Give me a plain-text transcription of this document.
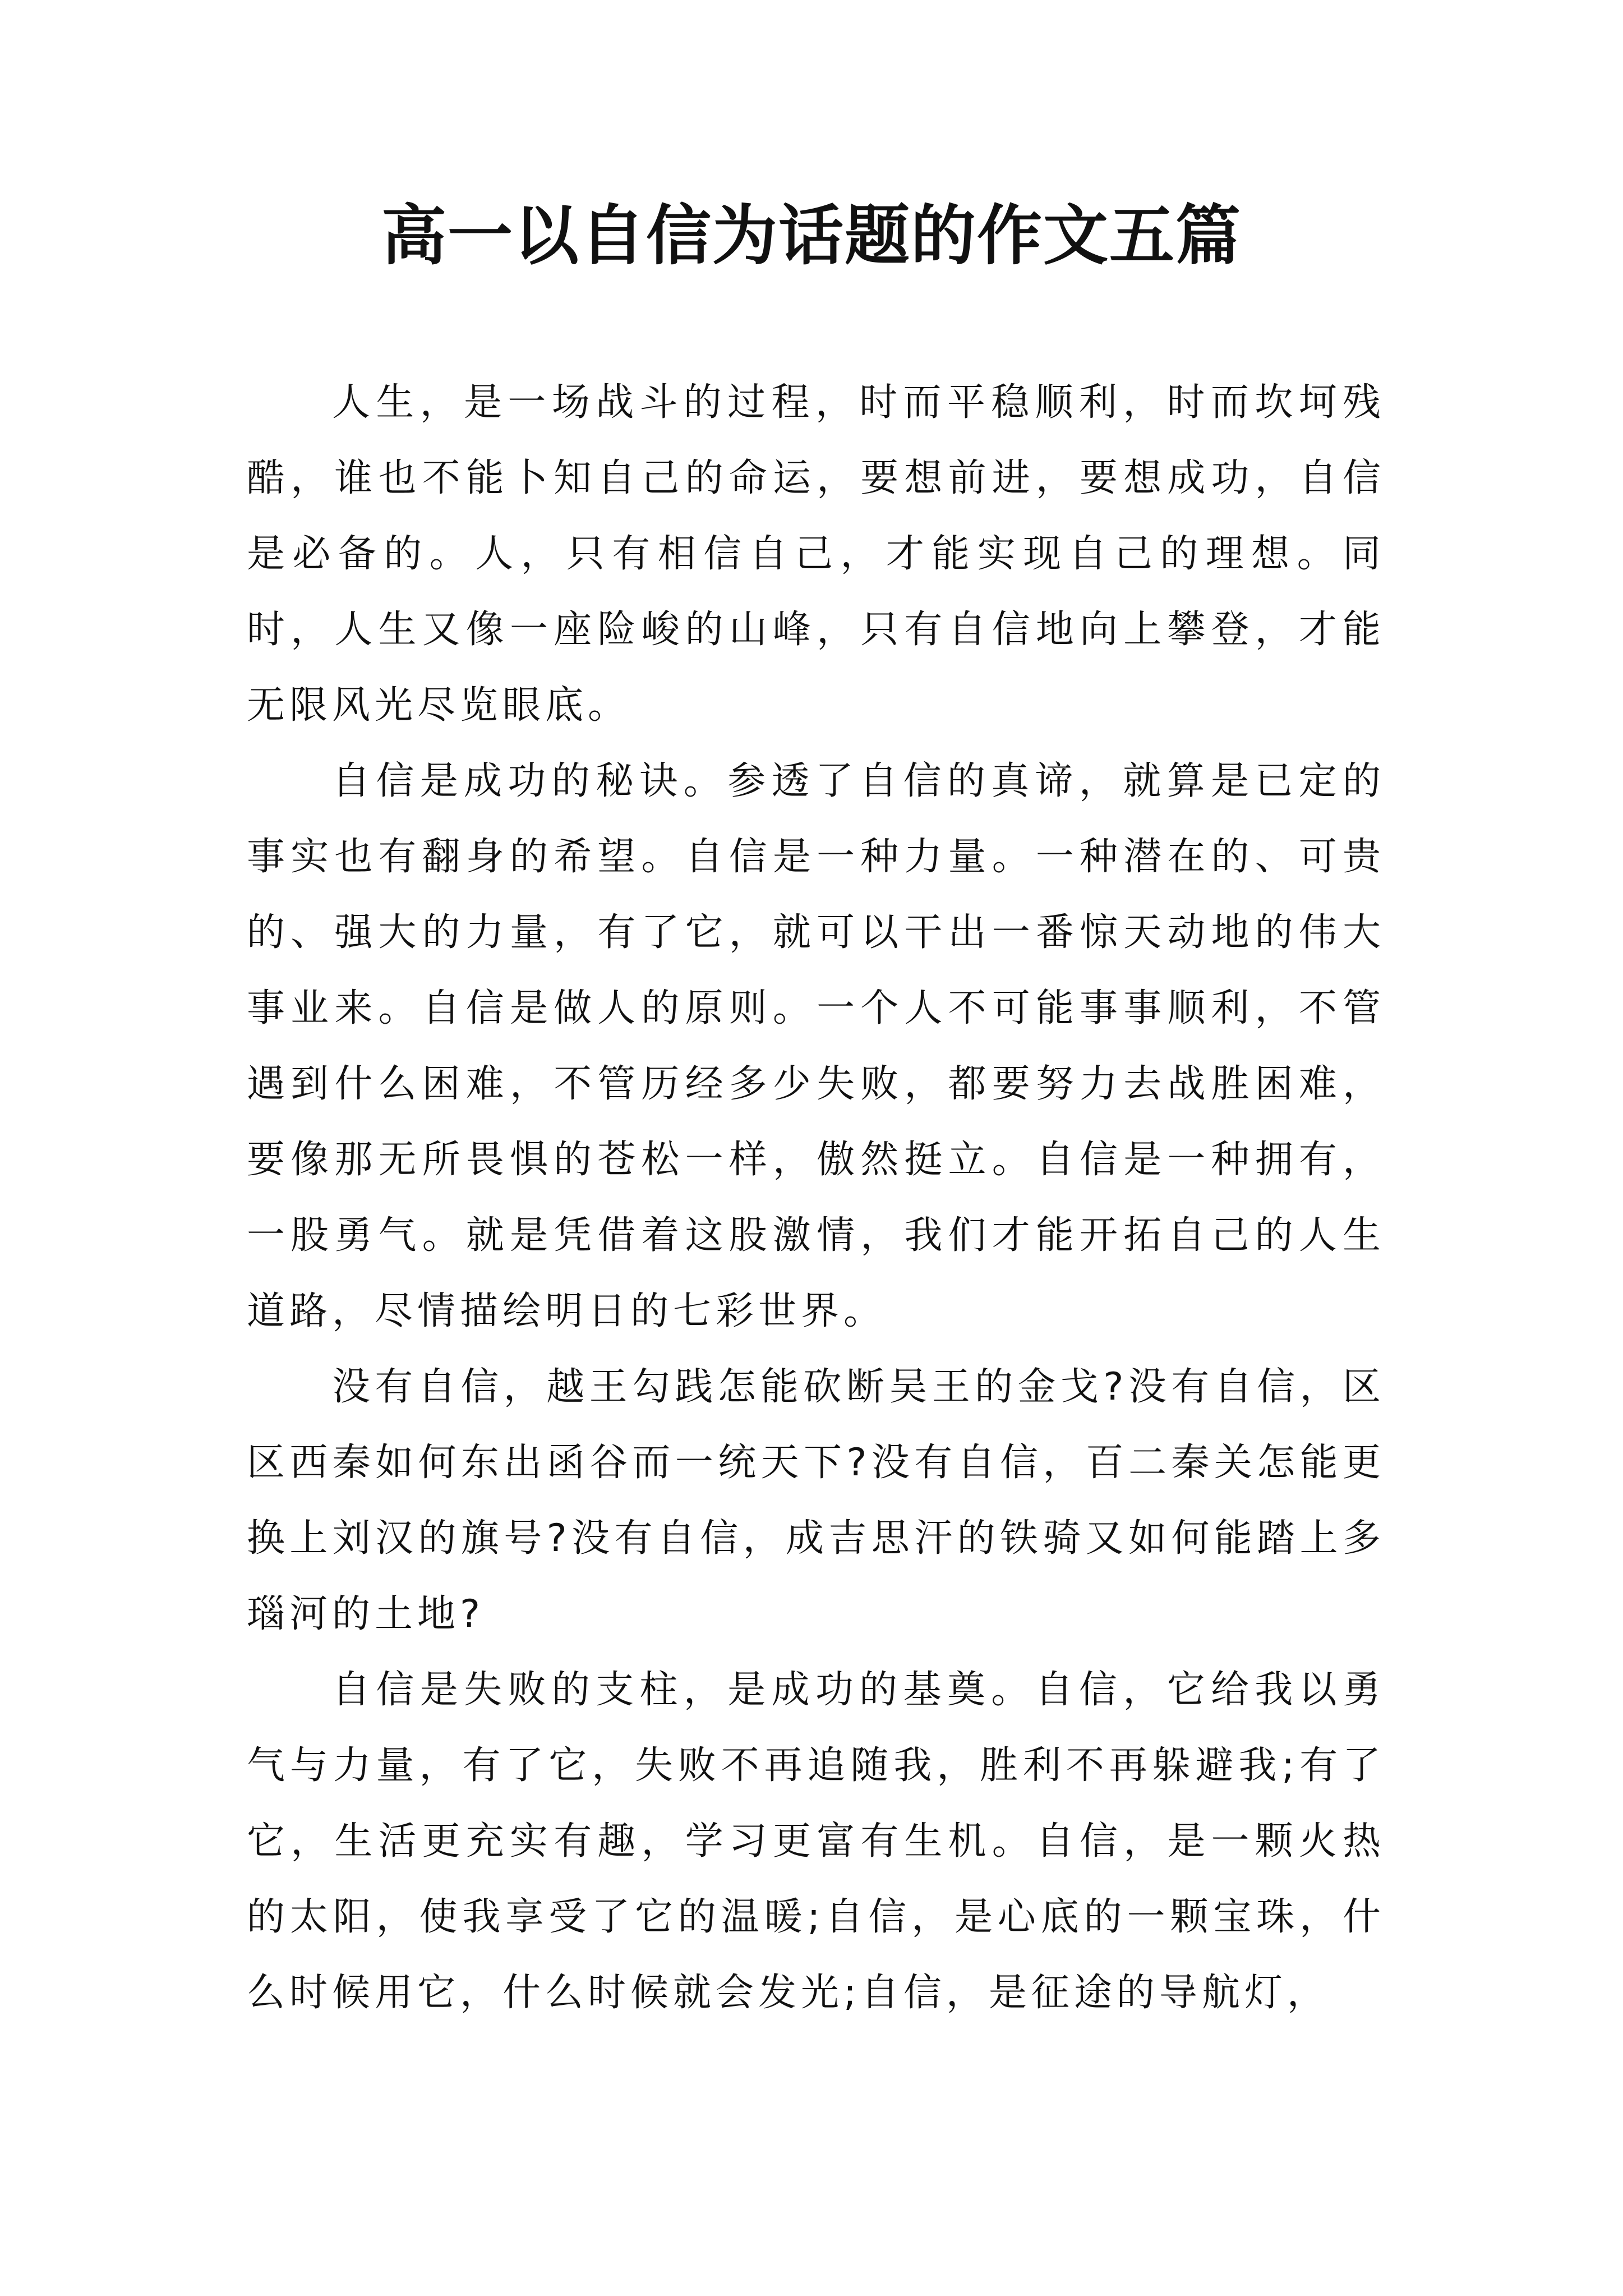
高一以自信为话题的作文五篇

人生，是一场战斗的过程，时而平稳顺利，时而坎坷残酷，谁也不能卜知自己的命运，要想前进，要想成功，自信是必备的。人，只有相信自己，才能实现自己的理想。同时，人生又像一座险峻的山峰，只有自信地向上攀登，才能无限风光尽览眼底。

自信是成功的秘诀。参透了自信的真谛，就算是已定的事实也有翻身的希望。自信是一种力量。一种潜在的、可贵的、强大的力量，有了它，就可以干出一番惊天动地的伟大事业来。自信是做人的原则。一个人不可能事事顺利，不管遇到什么困难，不管历经多少失败，都要努力去战胜困难，要像那无所畏惧的苍松一样，傲然挺立。自信是一种拥有，一股勇气。就是凭借着这股激情，我们才能开拓自己的人生道路，尽情描绘明日的七彩世界。

没有自信，越王勾践怎能砍断吴王的金戈?没有自信，区区西秦如何东出函谷而一统天下?没有自信，百二秦关怎能更换上刘汉的旗号?没有自信，成吉思汗的铁骑又如何能踏上多瑙河的土地?

自信是失败的支柱，是成功的基奠。自信，它给我以勇气与力量，有了它，失败不再追随我，胜利不再躲避我;有了它，生活更充实有趣，学习更富有生机。自信，是一颗火热的太阳，使我享受了它的温暖;自信，是心底的一颗宝珠，什么时候用它，什么时候就会发光;自信，是征途的导航灯，
